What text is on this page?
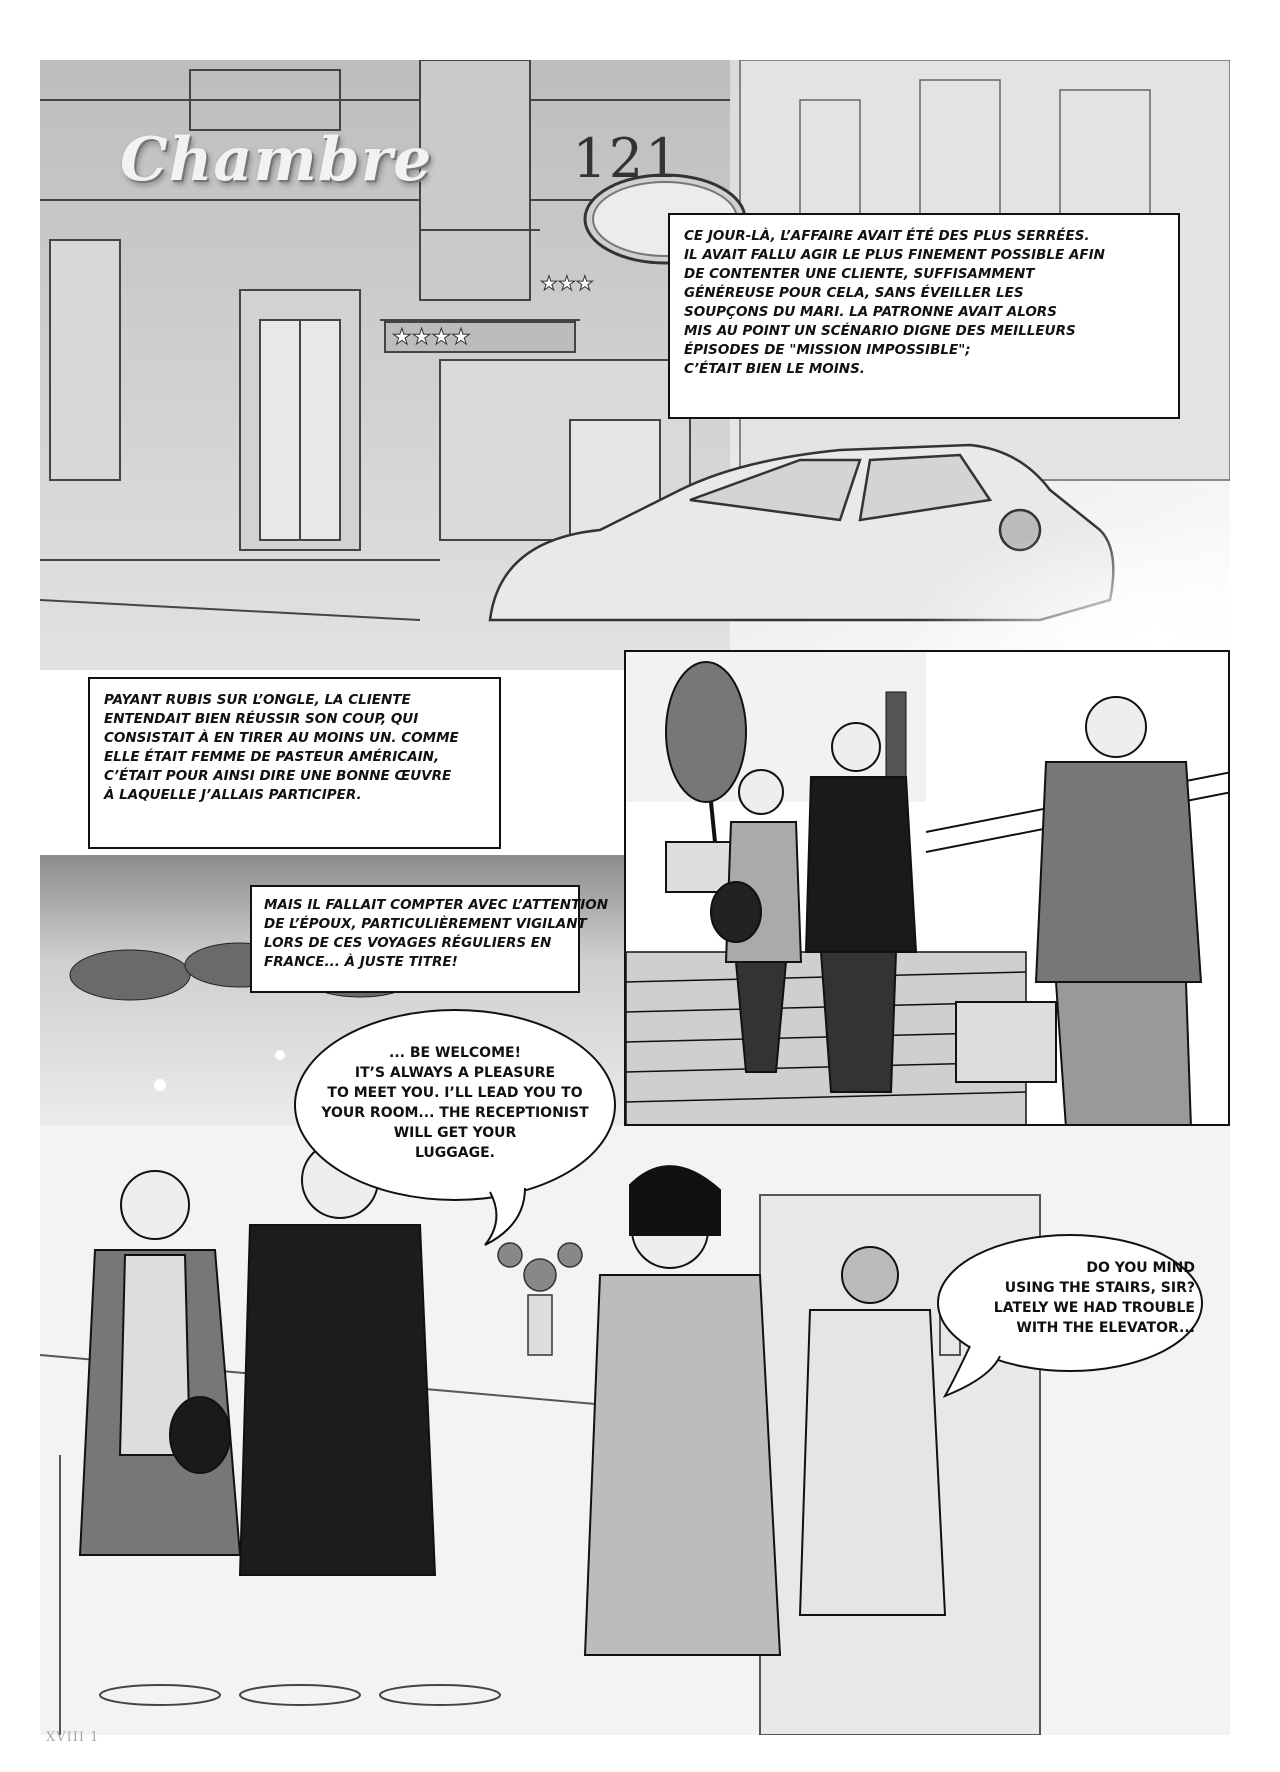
★★★★
★★★
Chambre	121
CE JOUR-LÀ, L’AFFAIRE AVAIT ÉTÉ DES PLUS SERRÉES.
IL AVAIT FALLU AGIR LE PLUS FINEMENT POSSIBLE AFIN
DE CONTENTER UNE CLIENTE, SUFFISAMMENT
GÉNÉREUSE POUR CELA, SANS ÉVEILLER LES
SOUPÇONS DU MARI. LA PATRONNE AVAIT ALORS
MIS AU POINT UN SCÉNARIO DIGNE DES MEILLEURS
ÉPISODES DE "MISSION IMPOSSIBLE";
C’ÉTAIT BIEN LE MOINS.
PAYANT RUBIS SUR L’ONGLE, LA CLIENTE
ENTENDAIT BIEN RÉUSSIR SON COUP, QUI
CONSISTAIT À EN TIRER AU MOINS UN. COMME
ELLE ÉTAIT FEMME DE PASTEUR AMÉRICAIN,
C’ÉTAIT POUR AINSI DIRE UNE BONNE ŒUVRE
À LAQUELLE J’ALLAIS PARTICIPER.
MAIS IL FALLAIT COMPTER AVEC L’ATTENTION
DE L’ÉPOUX, PARTICULIÈREMENT VIGILANT
LORS DE CES VOYAGES RÉGULIERS EN
FRANCE... À JUSTE TITRE!
... BE WELCOME!
IT’S ALWAYS A PLEASURE
TO MEET YOU. I’LL LEAD YOU TO
YOUR ROOM... THE RECEPTIONIST
WILL GET YOUR
LUGGAGE.
DO YOU MIND
USING THE STAIRS, SIR?
LATELY WE HAD TROUBLE
WITH THE ELEVATOR...
XVIII 1
